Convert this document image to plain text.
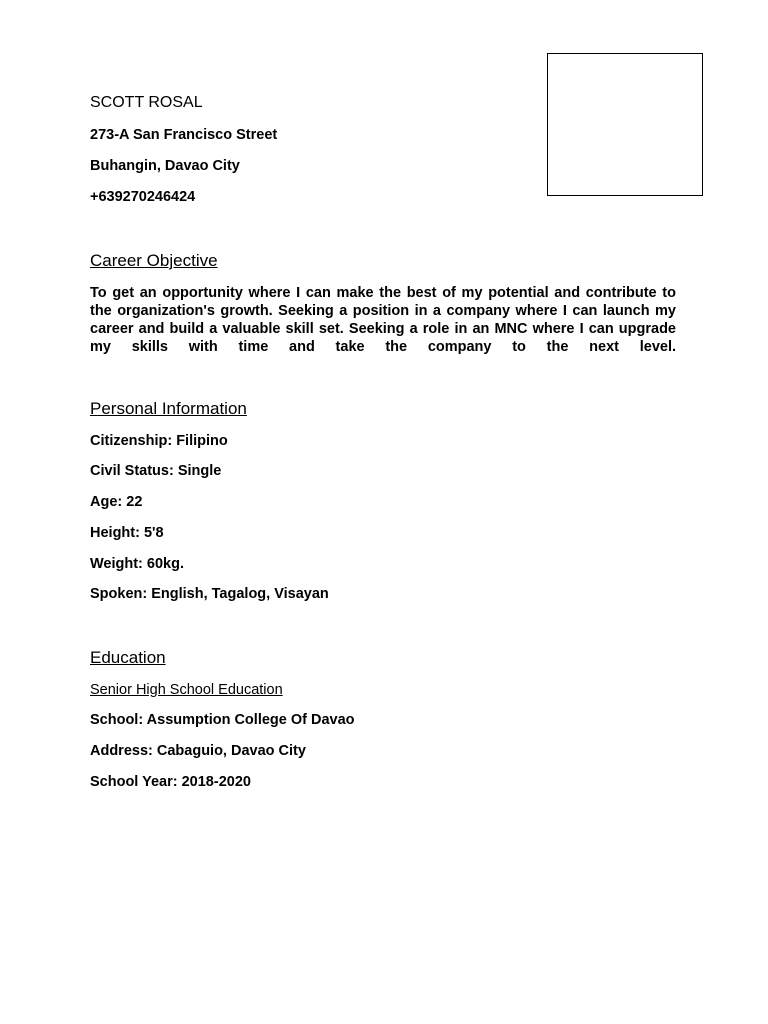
SCOTT ROSAL
273-A San Francisco Street
Buhangin, Davao City
+639270246424
Career Objective
To get an opportunity where I can make the best of my potential and contribute to the organization's growth. Seeking a position in a company where I can launch my career and build a valuable skill set. Seeking a role in an MNC where I can upgrade my skills with time and take the company to the next level.
Personal Information
Citizenship: Filipino
Civil Status: Single
Age: 22
Height: 5'8
Weight: 60kg.
Spoken: English, Tagalog, Visayan
Education
Senior High School Education
School: Assumption College Of Davao
Address: Cabaguio, Davao City
School Year: 2018-2020
